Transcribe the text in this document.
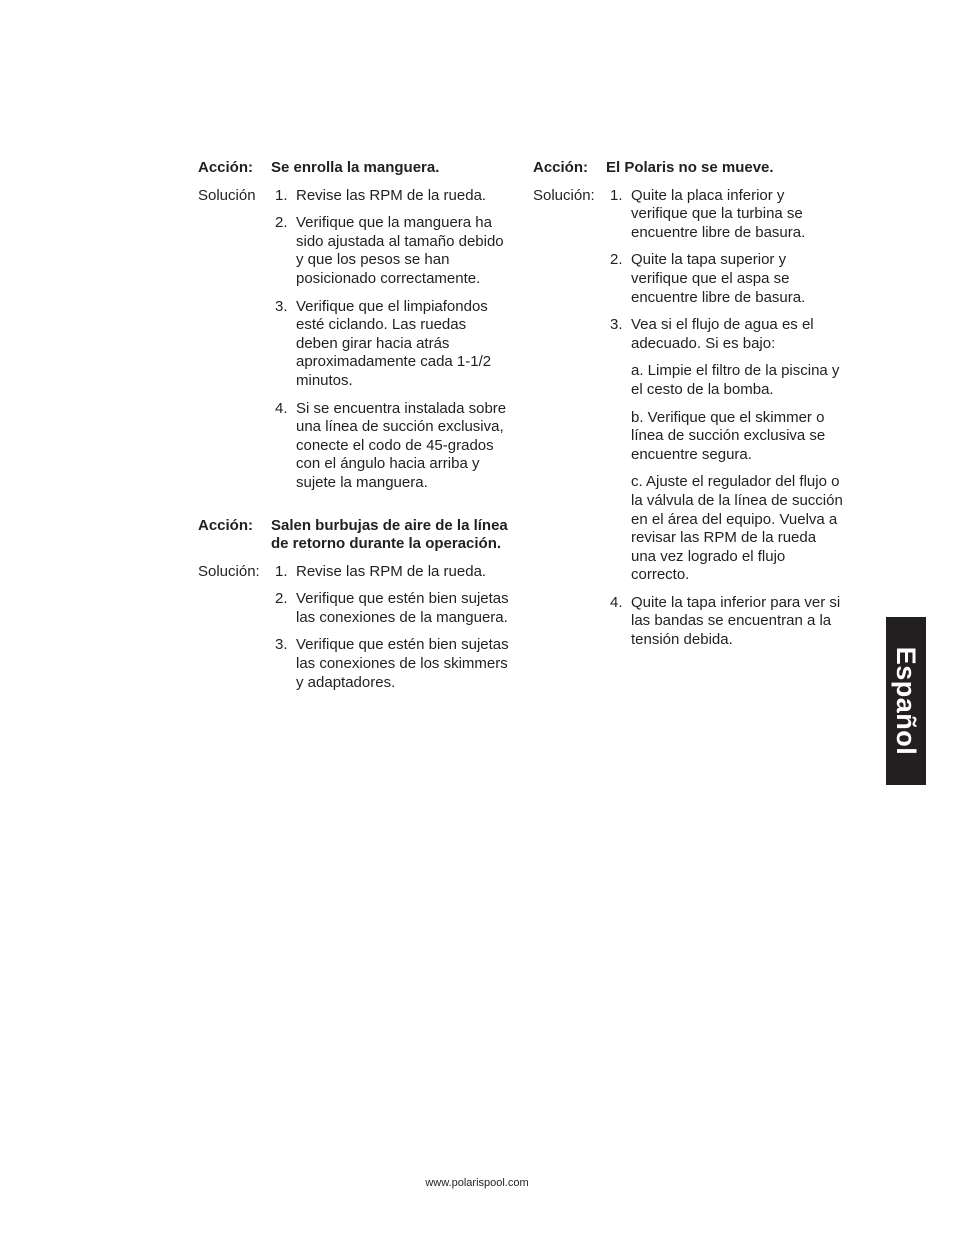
Acción:	Se enrolla la manguera.
Solución	1. Revise las RPM de la rueda.
2. Verifique que la manguera ha sido ajustada al tamaño debido y que los pesos se han posicionado correctamente.
3. Verifique que el limpiafondos esté ciclando. Las ruedas deben girar hacia atrás aproximadamente cada 1-1/2 minutos.
4. Si se encuentra instalada sobre una línea de succión exclusiva, conecte el codo de 45-grados con el ángulo hacia arriba y sujete la manguera.
Acción:	Salen burbujas de aire de la línea de retorno durante la operación.
Solución:	1. Revise las RPM de la rueda.
2. Verifique que estén bien sujetas las conexiones de la manguera.
3. Verifique que estén bien sujetas las conexiones de los skimmers y adaptadores.
Acción:	El Polaris no se mueve.
Solución:	1. Quite la placa inferior y verifique que la turbina se encuentre libre de basura.
2. Quite la tapa superior y verifique que el aspa se encuentre libre de basura.
3. Vea si el flujo de agua es el adecuado. Si es bajo:
a. Limpie el filtro de la piscina y el cesto de la bomba.
b. Verifique que el skimmer o línea de succión exclusiva se encuentre segura.
c. Ajuste el regulador del flujo o la válvula de la línea de succión en el área del equipo. Vuelva a revisar las RPM de la rueda una vez logrado el flujo correcto.
4. Quite la tapa inferior para ver si las bandas se encuentran a la tensión debida.
Español
www.polarispool.com
